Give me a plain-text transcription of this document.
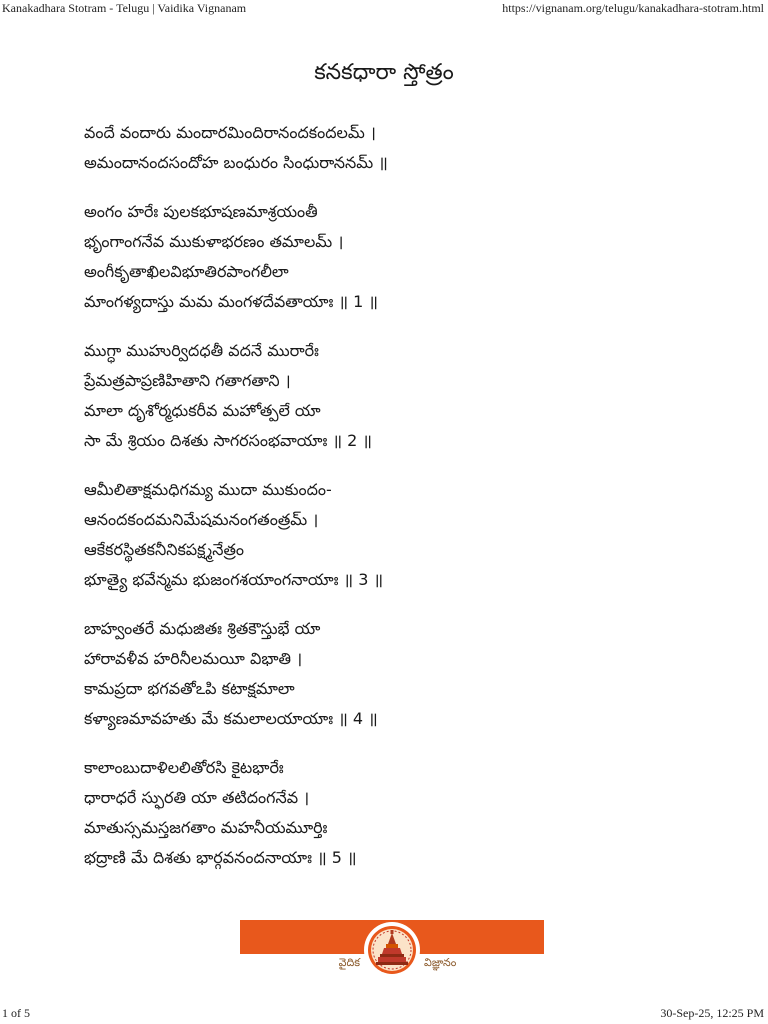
Kanakadhara Stotram - Telugu | Vaidika Vignanam	https://vignanam.org/telugu/kanakadhara-stotram.html
కనకధారా స్తోత్రం
వందే వందారు మందారమిందిరానందకందలమ్ ।
అమందానందసందోహ బంధురం సింధురాననమ్ ॥
అంగం హరేః పులకభూషణమాశ్రయంతీ
భృంగాంగనేవ ముకుళాభరణం తమాలమ్ ।
అంగీకృతాఖిలవిభూతిరపాంగలీలా
మాంగళ్యదాస్తు మమ మంగళదేవతాయాః ॥ 1 ॥
ముగ్ధా ముహుర్విదధతీ వదనే మురారేః
ప్రేమత్రపాప్రణిహితాని గతాగతాని ।
మాలా దృశోర్మధుకరీవ మహోత్పలే యా
సా మే శ్రియం దిశతు సాగరసంభవాయాః ॥ 2 ॥
ఆమీలితాక్షమధిగమ్య ముదా ముకుందం-
ఆనందకందమనిమేషమనంగతంత్రమ్ ।
ఆకేకరస్థితకనీనికపక్ష్మనేత్రం
భూత్యై భవేన్మమ భుజంగశయాంగనాయాః ॥ 3 ॥
బాహ్వంతరే మధుజితః శ్రితకౌస్తుభే యా
హారావళీవ హరినీలమయీ విభాతి ।
కామప్రదా భగవతోఽపి కటాక్షమాలా
కళ్యాణమావహతు మే కమలాలయాయాః ॥ 4 ॥
కాలాంబుదాళిలలితోరసి కైటభారేః
ధారాధరే స్ఫురతి యా తటిదంగనేవ ।
మాతుస్సమస్తజగతాం మహనీయమూర్తిః
భద్రాణి మే దిశతు భార్గవనందనాయాః ॥ 5 ॥
వైదిక	విజ్ఞానం
1 of 5	30-Sep-25, 12:25 PM
